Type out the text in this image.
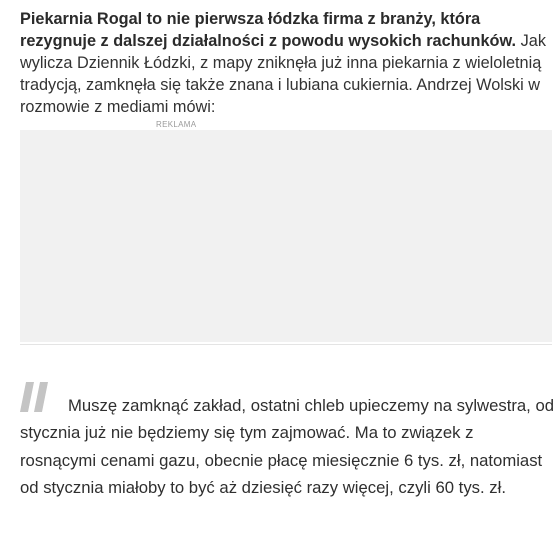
Piekarnia Rogal to nie pierwsza łódzka firma z branży, która rezygnuje z dalszej działalności z powodu wysokich rachunków. Jak wylicza Dziennik Łódzki, z mapy zniknęła już inna piekarnia z wieloletnią tradycją, zamknęła się także znana i lubiana cukiernia. Andrzej Wolski w rozmowie z mediami mówi:

REKLAMA

Muszę zamknąć zakład, ostatni chleb upieczemy na sylwestra, od stycznia już nie będziemy się tym zajmować. Ma to związek z rosnącymi cenami gazu, obecnie płacę miesięcznie 6 tys. zł, natomiast od stycznia miałoby to być aż dziesięć razy więcej, czyli 60 tys. zł.
